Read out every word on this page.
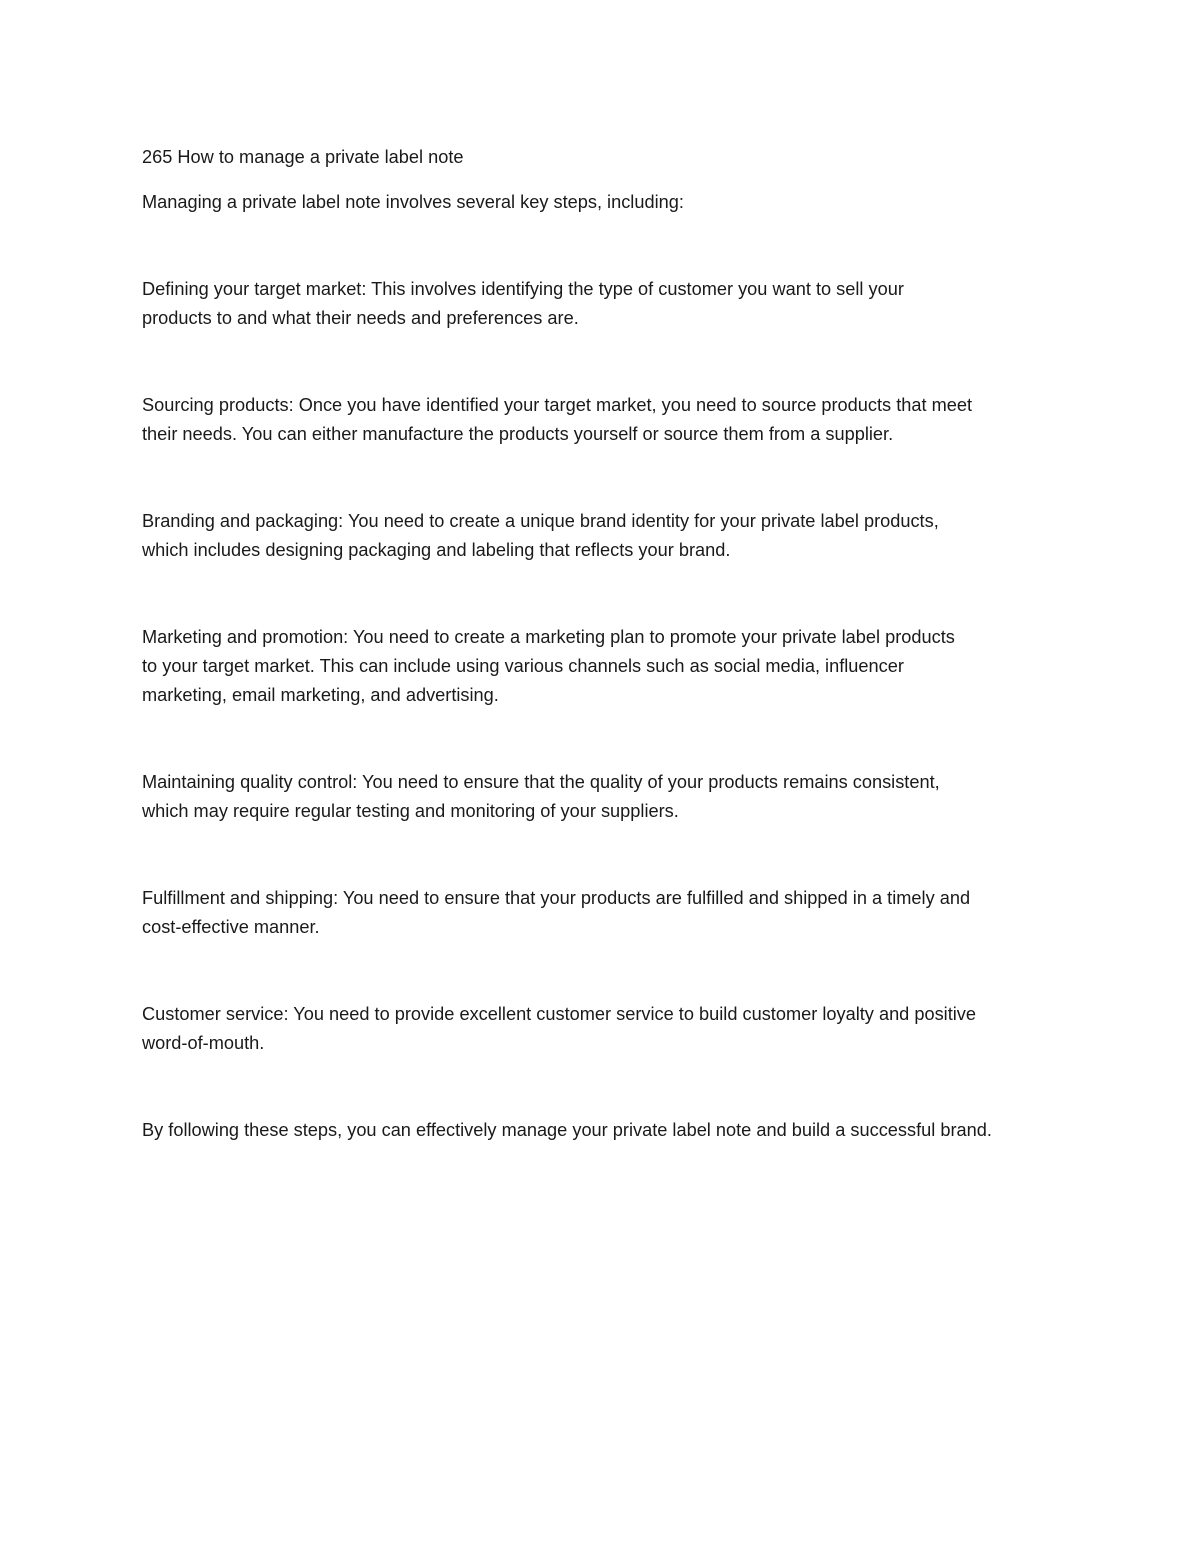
265 How to manage a private label note

Managing a private label note involves several key steps, including:

Defining your target market: This involves identifying the type of customer you want to sell your
products to and what their needs and preferences are.

Sourcing products: Once you have identified your target market, you need to source products that meet
their needs. You can either manufacture the products yourself or source them from a supplier.

Branding and packaging: You need to create a unique brand identity for your private label products,
which includes designing packaging and labeling that reflects your brand.

Marketing and promotion: You need to create a marketing plan to promote your private label products
to your target market. This can include using various channels such as social media, influencer
marketing, email marketing, and advertising.

Maintaining quality control: You need to ensure that the quality of your products remains consistent,
which may require regular testing and monitoring of your suppliers.

Fulfillment and shipping: You need to ensure that your products are fulfilled and shipped in a timely and
cost-effective manner.

Customer service: You need to provide excellent customer service to build customer loyalty and positive
word-of-mouth.

By following these steps, you can effectively manage your private label note and build a successful brand.
